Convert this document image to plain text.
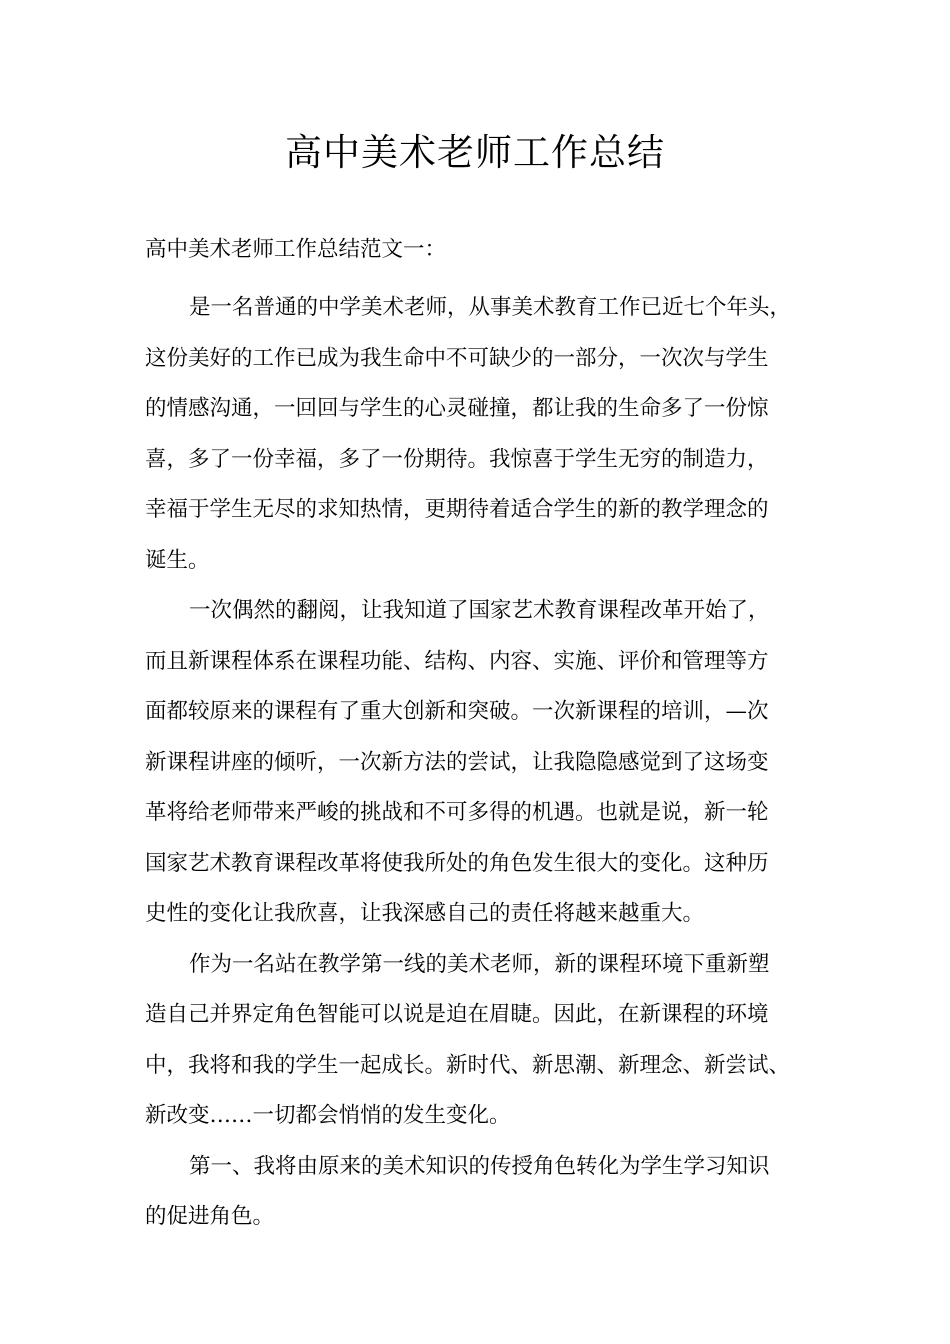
高中美术老师工作总结
高中美术老师工作总结范文一：
是一名普通的中学美术老师，从事美术教育工作已近七个年头，
这份美好的工作已成为我生命中不可缺少的一部分，一次次与学生
的情感沟通，一回回与学生的心灵碰撞，都让我的生命多了一份惊
喜，多了一份幸福，多了一份期待。我惊喜于学生无穷的制造力，
幸福于学生无尽的求知热情，更期待着适合学生的新的教学理念的
诞生。
一次偶然的翻阅，让我知道了国家艺术教育课程改革开始了，
而且新课程体系在课程功能、结构、内容、实施、评价和管理等方
面都较原来的课程有了重大创新和突破。一次新课程的培训，—次
新课程讲座的倾听，一次新方法的尝试，让我隐隐感觉到了这场变
革将给老师带来严峻的挑战和不可多得的机遇。也就是说，新一轮
国家艺术教育课程改革将使我所处的角色发生很大的变化。这种历
史性的变化让我欣喜，让我深感自己的责任将越来越重大。
作为一名站在教学第一线的美术老师，新的课程环境下重新塑
造自己并界定角色智能可以说是迫在眉睫。因此，在新课程的环境
中，我将和我的学生一起成长。新时代、新思潮、新理念、新尝试、
新改变……一切都会悄悄的发生变化。
第一、我将由原来的美术知识的传授角色转化为学生学习知识
的促进角色。
